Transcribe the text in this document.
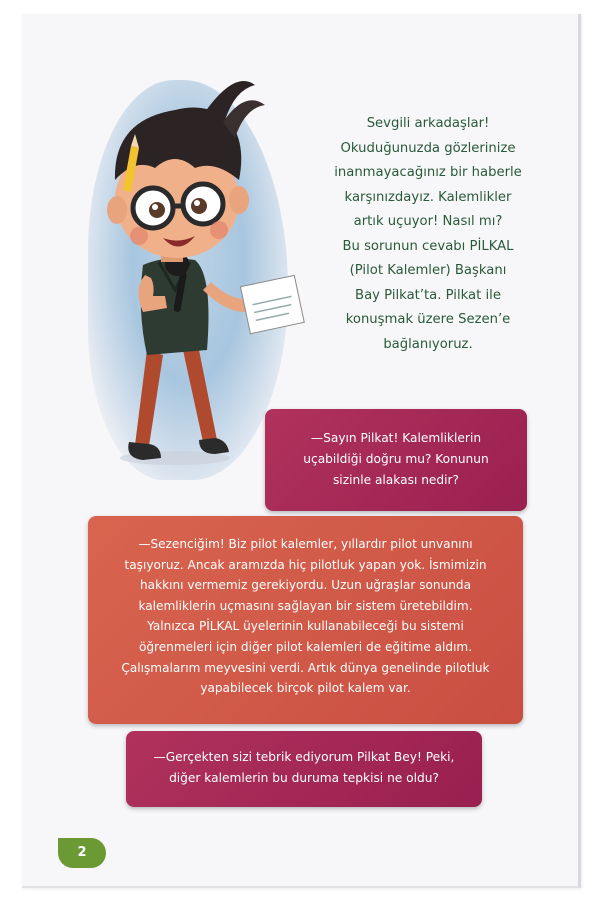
Sevgili arkadaşlar!
Okuduğunuzda gözlerinize
inanmayacağınız bir haberle
karşınızdayız. Kalemlikler
artık uçuyor! Nasıl mı?
Bu sorunun cevabı PİLKAL
(Pilot Kalemler) Başkanı
Bay Pilkat’ta. Pilkat ile
konuşmak üzere Sezen’e
bağlanıyoruz.
—Sayın Pilkat! Kalemliklerin
uçabildiği doğru mu? Konunun
sizinle alakası nedir?
—Sezenciğim! Biz pilot kalemler, yıllardır pilot unvanını
taşıyoruz. Ancak aramızda hiç pilotluk yapan yok. İsmimizin
hakkını vermemiz gerekiyordu. Uzun uğraşlar sonunda
kalemliklerin uçmasını sağlayan bir sistem üretebildim.
Yalnızca PİLKAL üyelerinin kullanabileceği bu sistemi
öğrenmeleri için diğer pilot kalemleri de eğitime aldım.
Çalışmalarım meyvesini verdi. Artık dünya genelinde pilotluk
yapabilecek birçok pilot kalem var.
—Gerçekten sizi tebrik ediyorum Pilkat Bey! Peki,
diğer kalemlerin bu duruma tepkisi ne oldu?
2
